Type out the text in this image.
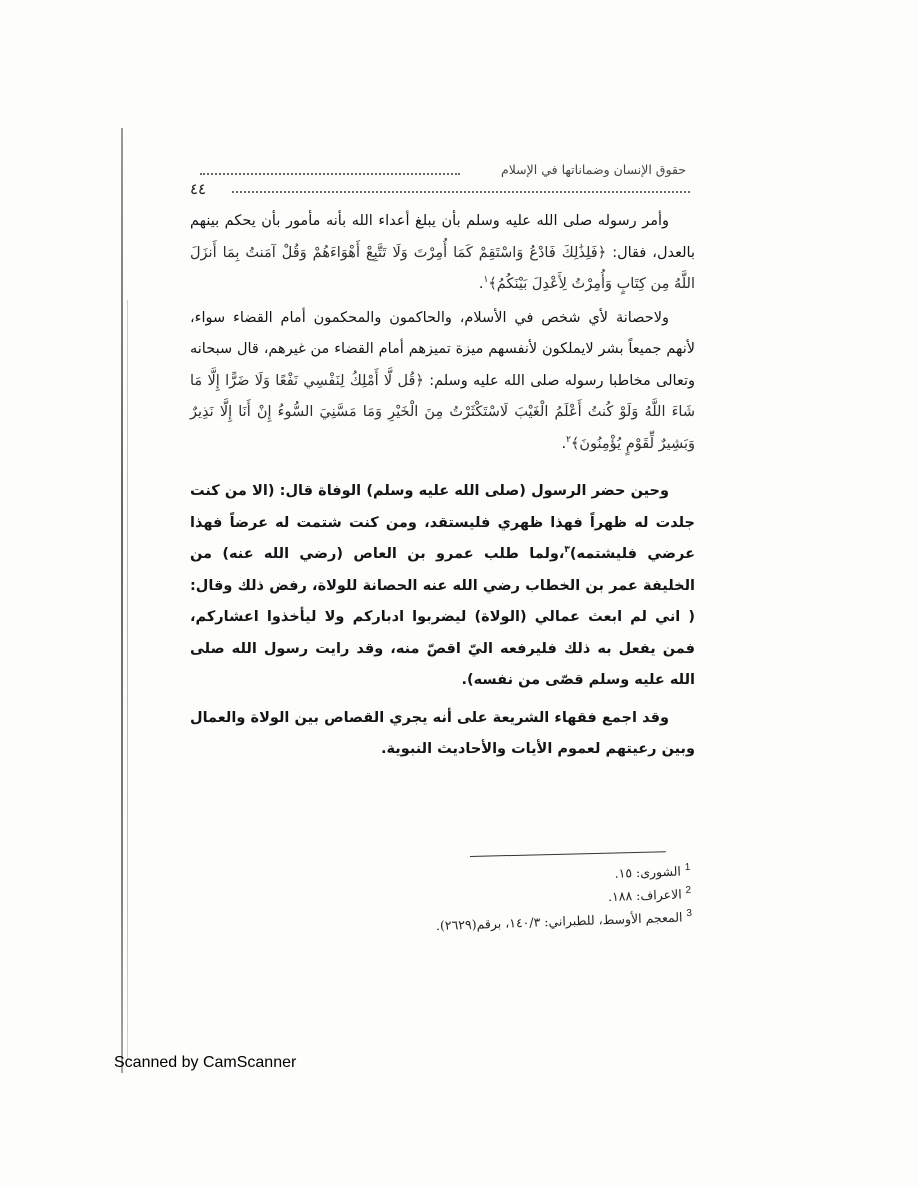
حقوق الإنسان وضماناتها في الإسلام
٤٤

وأمر رسوله صلى الله عليه وسلم بأن يبلغ أعداء الله بأنه مأمور بأن يحكم بينهم بالعدل، فقال: ﴿فَلِذَٰلِكَ فَادْعُ وَاسْتَقِمْ كَمَا أُمِرْتَ وَلَا تَتَّبِعْ أَهْوَاءَهُمْ وَقُلْ آمَنتُ بِمَا أَنزَلَ اللَّهُ مِن كِتَابٍ وَأُمِرْتُ لِأَعْدِلَ بَيْنَكُمُ﴾$^١$.

ولاحصانة لأي شخص في الأسلام، والحاكمون والمحكمون أمام القضاء سواء، لأنهم جميعاً بشر لايملكون لأنفسهم ميزة تميزهم أمام القضاء من غيرهم، قال سبحانه وتعالى مخاطبا رسوله صلى الله عليه وسلم: ﴿قُل لَّا أَمْلِكُ لِنَفْسِي نَفْعًا وَلَا ضَرًّا إِلَّا مَا شَاءَ اللَّهُ وَلَوْ كُنتُ أَعْلَمُ الْغَيْبَ لَاسْتَكْثَرْتُ مِنَ الْخَيْرِ وَمَا مَسَّنِيَ السُّوءُ إِنْ أَنَا إِلَّا نَذِيرٌ وَبَشِيرٌ لِّقَوْمٍ يُؤْمِنُونَ﴾$^٢$.

وحين حضر الرسول (صلى الله عليه وسلم) الوفاة قال: (الا من كنت جلدت له ظهراً فهذا ظهري فليستقد، ومن كنت شتمت له عرضاً فهذا عرضي فليشتمه)$^٣$،ولما طلب عمرو بن العاص (رضي الله عنه) من الخليفة عمر بن الخطاب رضي الله عنه الحصانة للولاة، رفض ذلك وقال: ( اني لم ابعث عمالي (الولاة) ليضربوا ادباركم ولا ليأخذوا اعشاركم، فمن يفعل به ذلك فليرفعه اليّ اقصّ منه، وقد رايت رسول الله صلى الله عليه وسلم قصّى من نفسه).

وقد اجمع فقهاء الشريعة على أنه يجري القصاص بين الولاة والعمال وبين رعيتهم لعموم الأيات والأحاديث النبوية.

$^1$الشورى: ١٥.
$^2$الاعراف: ١٨٨.
$^3$المعجم الأوسط، للطبراني: ١٤٠/٣، برقم(٢٦٢٩).
Scanned by CamScanner
